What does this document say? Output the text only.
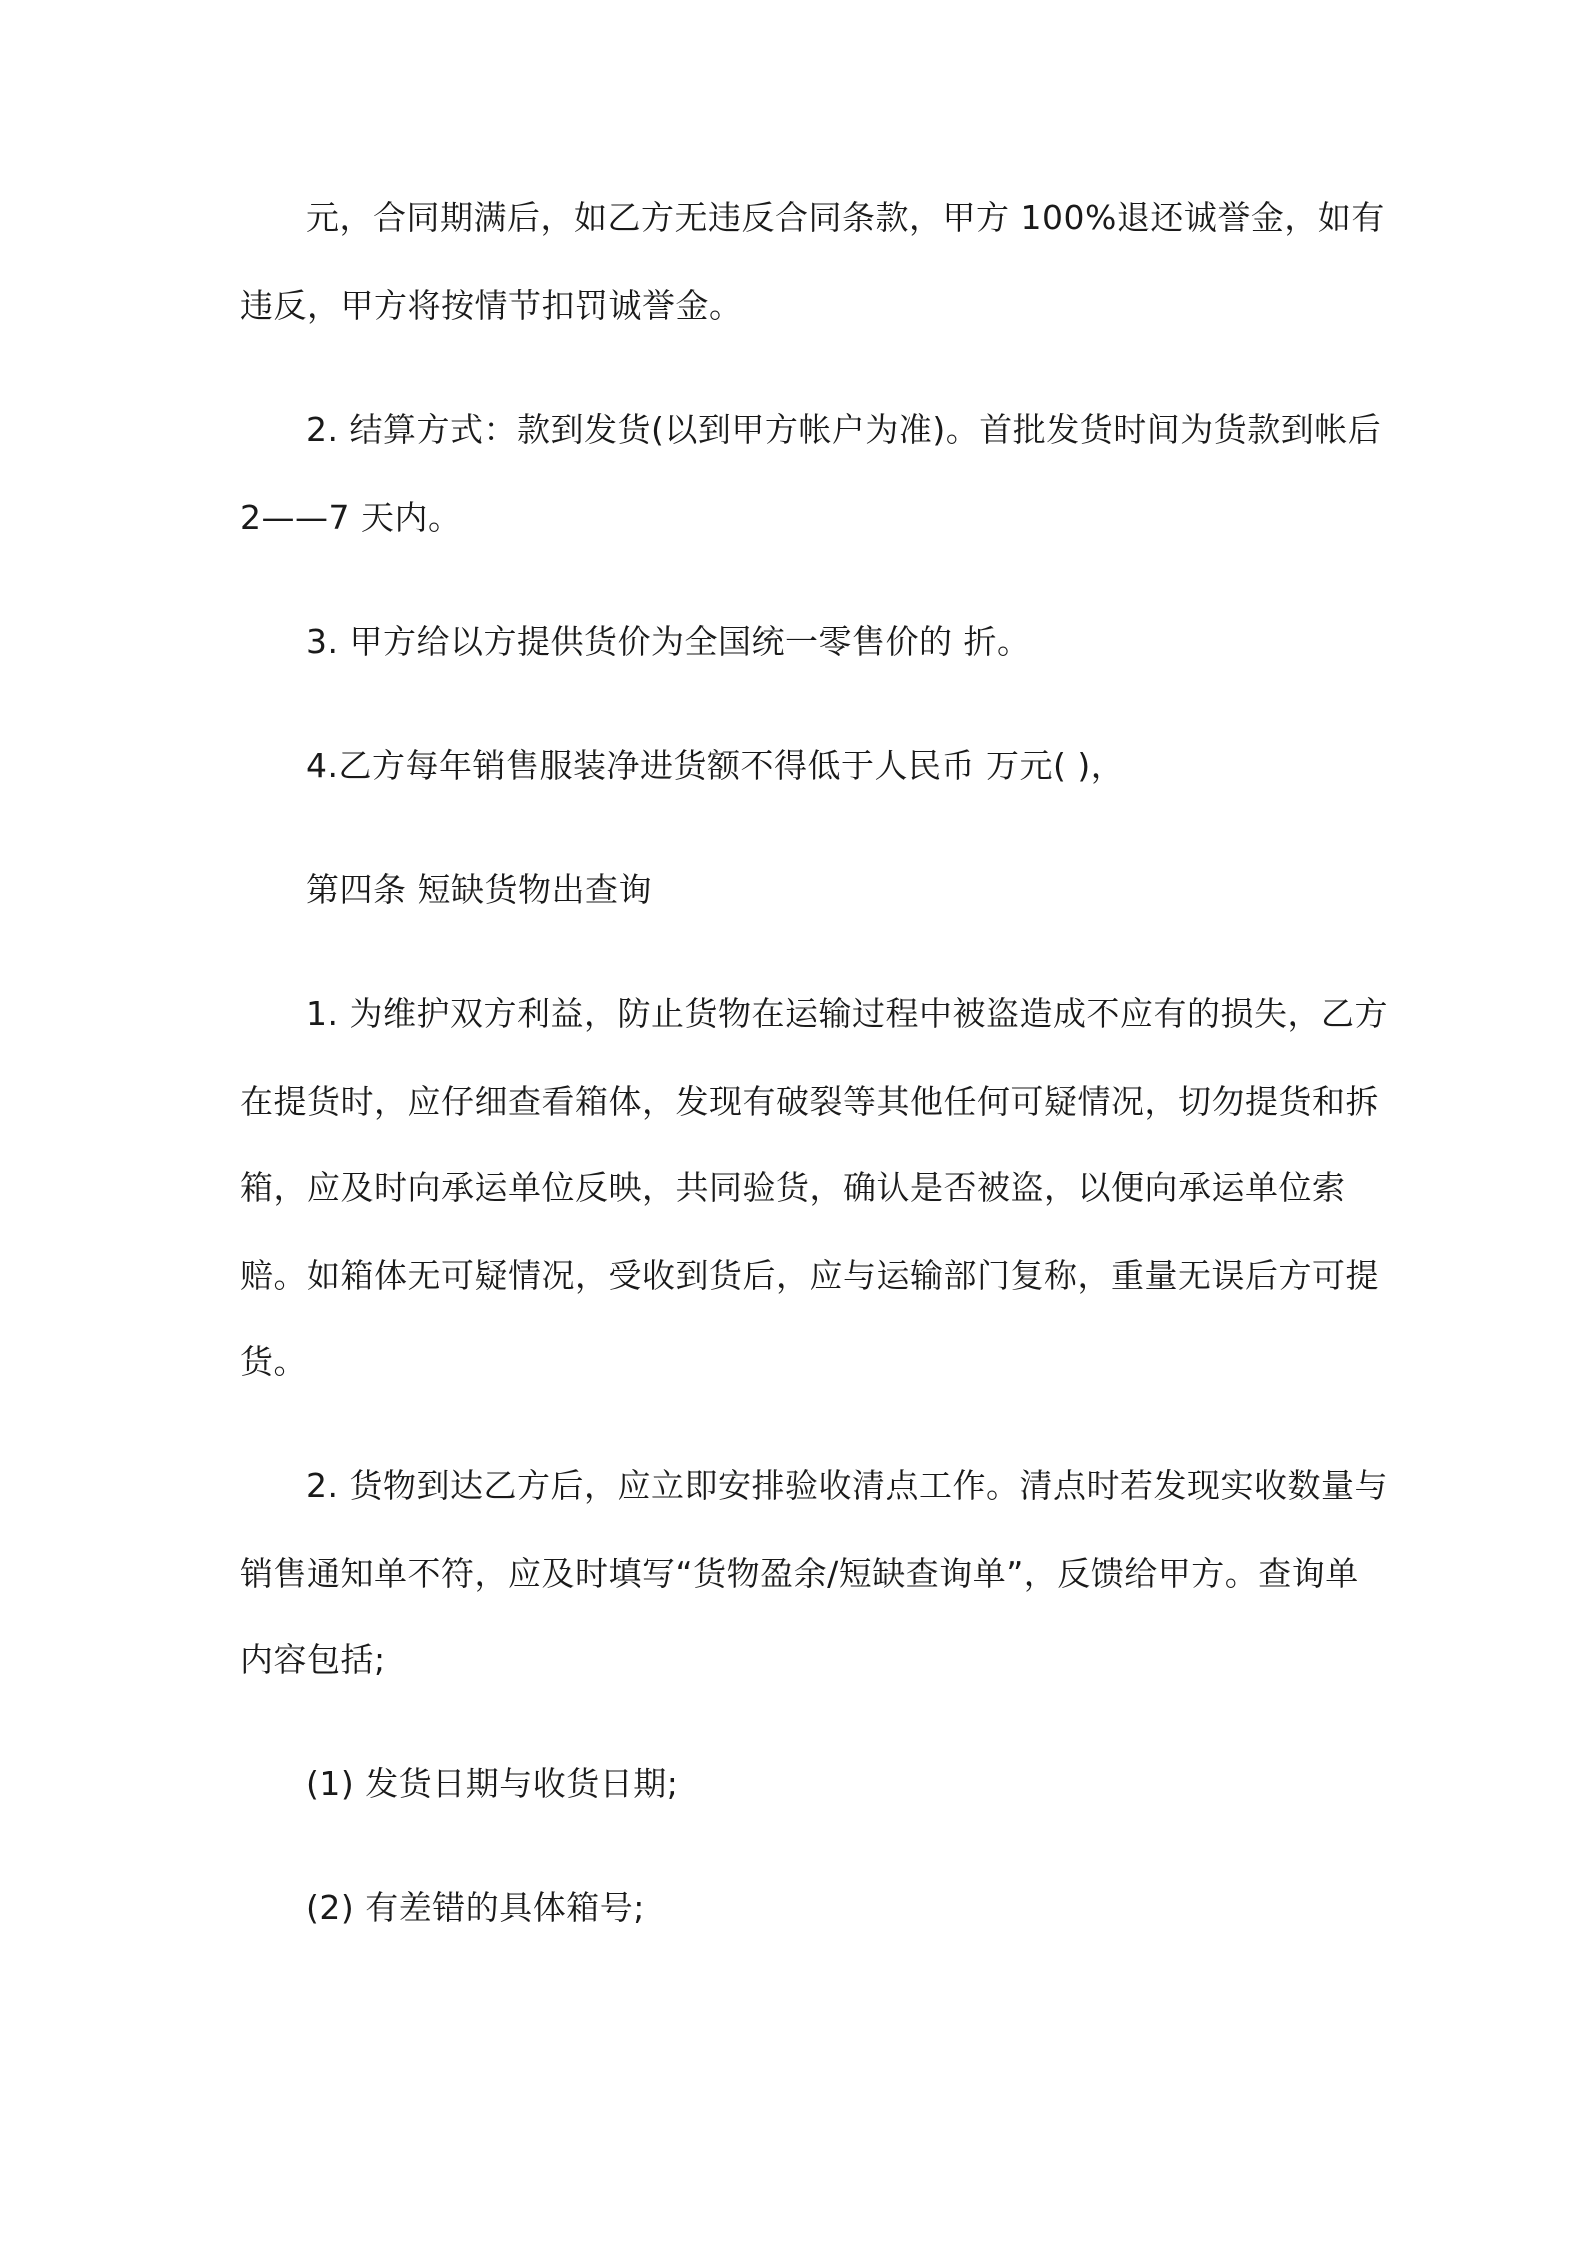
元，合同期满后，如乙方无违反合同条款，甲方 100%退还诚誉金，如有
违反，甲方将按情节扣罚诚誉金。
2. 结算方式：款到发货(以到甲方帐户为准)。首批发货时间为货款到帐后
2——7 天内。
3. 甲方给以方提供货价为全国统一零售价的 折。
4.乙方每年销售服装净进货额不得低于人民币 万元( )，
第四条 短缺货物出查询
1. 为维护双方利益，防止货物在运输过程中被盗造成不应有的损失，乙方
在提货时，应仔细查看箱体，发现有破裂等其他任何可疑情况，切勿提货和拆
箱，应及时向承运单位反映，共同验货，确认是否被盗，以便向承运单位索
赔。如箱体无可疑情况，受收到货后，应与运输部门复称，重量无误后方可提
货。
2. 货物到达乙方后，应立即安排验收清点工作。清点时若发现实收数量与
销售通知单不符，应及时填写“货物盈余/短缺查询单”，反馈给甲方。查询单
内容包括;
(1) 发货日期与收货日期;
(2) 有差错的具体箱号;
